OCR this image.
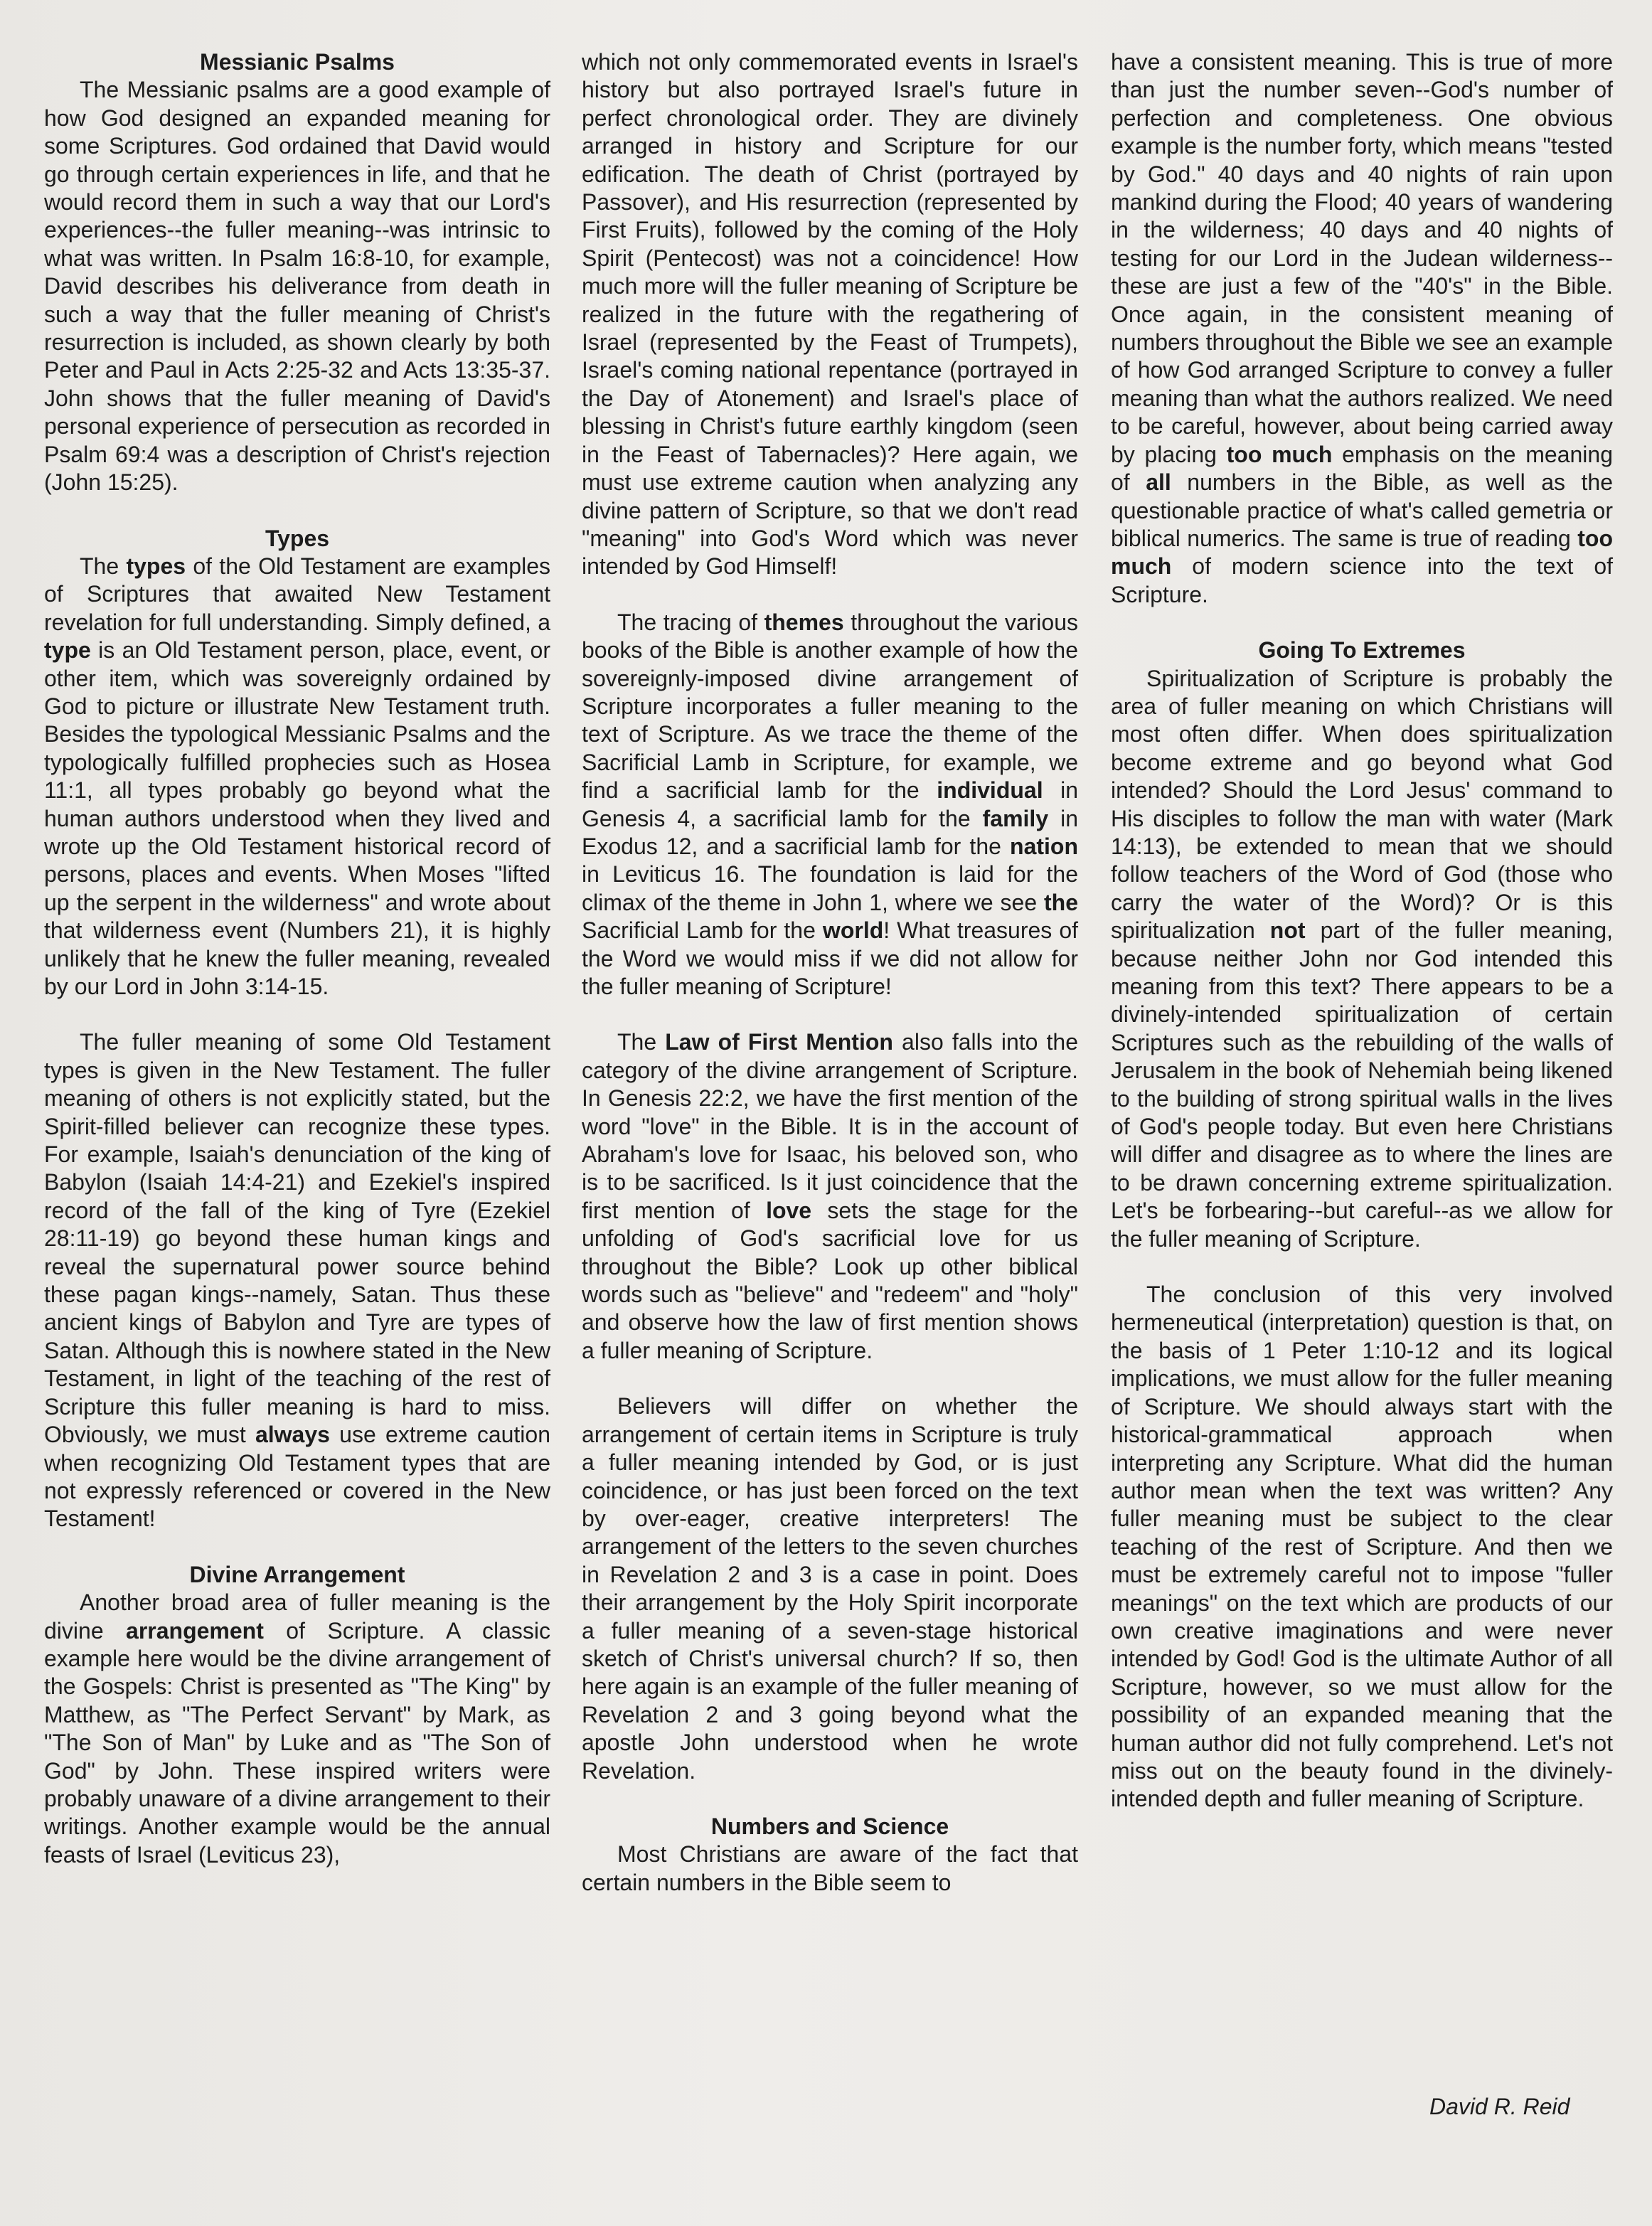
Messianic Psalms

The Messianic psalms are a good example of how God designed an expanded meaning for some Scriptures. God ordained that David would go through certain experiences in life, and that he would record them in such a way that our Lord's experiences--the fuller meaning--was intrinsic to what was written. In Psalm 16:8-10, for example, David describes his deliverance from death in such a way that the fuller meaning of Christ's resurrection is included, as shown clearly by both Peter and Paul in Acts 2:25-32 and Acts 13:35-37. John shows that the fuller meaning of David's personal experience of persecution as recorded in Psalm 69:4 was a description of Christ's rejection (John 15:25).

Types

The types of the Old Testament are examples of Scriptures that awaited New Testament revelation for full understanding. Simply defined, a type is an Old Testament person, place, event, or other item, which was sovereignly ordained by God to picture or illustrate New Testament truth. Besides the typological Messianic Psalms and the typologically fulfilled prophecies such as Hosea 11:1, all types probably go beyond what the human authors understood when they lived and wrote up the Old Testament historical record of persons, places and events. When Moses "lifted up the serpent in the wilderness" and wrote about that wilderness event (Numbers 21), it is highly unlikely that he knew the fuller meaning, revealed by our Lord in John 3:14-15.

The fuller meaning of some Old Testament types is given in the New Testament. The fuller meaning of others is not explicitly stated, but the Spirit-filled believer can recognize these types. For example, Isaiah's denunciation of the king of Babylon (Isaiah 14:4-21) and Ezekiel's inspired record of the fall of the king of Tyre (Ezekiel 28:11-19) go beyond these human kings and reveal the supernatural power source behind these pagan kings--namely, Satan. Thus these ancient kings of Babylon and Tyre are types of Satan. Although this is nowhere stated in the New Testament, in light of the teaching of the rest of Scripture this fuller meaning is hard to miss. Obviously, we must always use extreme caution when recognizing Old Testament types that are not expressly referenced or covered in the New Testament!

Divine Arrangement

Another broad area of fuller meaning is the divine arrangement of Scripture. A classic example here would be the divine arrangement of the Gospels: Christ is presented as "The King" by Matthew, as "The Perfect Servant" by Mark, as "The Son of Man" by Luke and as "The Son of God" by John. These inspired writers were probably unaware of a divine arrangement to their writings. Another example would be the annual feasts of Israel (Leviticus 23),

which not only commemorated events in Israel's history but also portrayed Israel's future in perfect chronological order. They are divinely arranged in history and Scripture for our edification. The death of Christ (portrayed by Passover), and His resurrection (represented by First Fruits), followed by the coming of the Holy Spirit (Pentecost) was not a coincidence! How much more will the fuller meaning of Scripture be realized in the future with the regathering of Israel (represented by the Feast of Trumpets), Israel's coming national repentance (portrayed in the Day of Atonement) and Israel's place of blessing in Christ's future earthly kingdom (seen in the Feast of Tabernacles)? Here again, we must use extreme caution when analyzing any divine pattern of Scripture, so that we don't read "meaning" into God's Word which was never intended by God Himself!

The tracing of themes throughout the various books of the Bible is another example of how the sovereignly-imposed divine arrangement of Scripture incorporates a fuller meaning to the text of Scripture. As we trace the theme of the Sacrificial Lamb in Scripture, for example, we find a sacrificial lamb for the individual in Genesis 4, a sacrificial lamb for the family in Exodus 12, and a sacrificial lamb for the nation in Leviticus 16. The foundation is laid for the climax of the theme in John 1, where we see the Sacrificial Lamb for the world! What treasures of the Word we would miss if we did not allow for the fuller meaning of Scripture!

The Law of First Mention also falls into the category of the divine arrangement of Scripture. In Genesis 22:2, we have the first mention of the word "love" in the Bible. It is in the account of Abraham's love for Isaac, his beloved son, who is to be sacrificed. Is it just coincidence that the first mention of love sets the stage for the unfolding of God's sacrificial love for us throughout the Bible? Look up other biblical words such as "believe" and "redeem" and "holy" and observe how the law of first mention shows a fuller meaning of Scripture.

Believers will differ on whether the arrangement of certain items in Scripture is truly a fuller meaning intended by God, or is just coincidence, or has just been forced on the text by over-eager, creative interpreters! The arrangement of the letters to the seven churches in Revelation 2 and 3 is a case in point. Does their arrangement by the Holy Spirit incorporate a fuller meaning of a seven-stage historical sketch of Christ's universal church? If so, then here again is an example of the fuller meaning of Revelation 2 and 3 going beyond what the apostle John understood when he wrote Revelation.

Numbers and Science

Most Christians are aware of the fact that certain numbers in the Bible seem to

have a consistent meaning. This is true of more than just the number seven--God's number of perfection and completeness. One obvious example is the number forty, which means "tested by God." 40 days and 40 nights of rain upon mankind during the Flood; 40 years of wandering in the wilderness; 40 days and 40 nights of testing for our Lord in the Judean wilderness--these are just a few of the "40's" in the Bible. Once again, in the consistent meaning of numbers throughout the Bible we see an example of how God arranged Scripture to convey a fuller meaning than what the authors realized. We need to be careful, however, about being carried away by placing too much emphasis on the meaning of all numbers in the Bible, as well as the questionable practice of what's called gemetria or biblical numerics. The same is true of reading too much of modern science into the text of Scripture.

Going To Extremes

Spiritualization of Scripture is probably the area of fuller meaning on which Christians will most often differ. When does spiritualization become extreme and go beyond what God intended? Should the Lord Jesus' command to His disciples to follow the man with water (Mark 14:13), be extended to mean that we should follow teachers of the Word of God (those who carry the water of the Word)? Or is this spiritualization not part of the fuller meaning, because neither John nor God intended this meaning from this text? There appears to be a divinely-intended spiritualization of certain Scriptures such as the rebuilding of the walls of Jerusalem in the book of Nehemiah being likened to the building of strong spiritual walls in the lives of God's people today. But even here Christians will differ and disagree as to where the lines are to be drawn concerning extreme spiritualization. Let's be forbearing--but careful--as we allow for the fuller meaning of Scripture.

The conclusion of this very involved hermeneutical (interpretation) question is that, on the basis of 1 Peter 1:10-12 and its logical implications, we must allow for the fuller meaning of Scripture. We should always start with the historical-grammatical approach when interpreting any Scripture. What did the human author mean when the text was written? Any fuller meaning must be subject to the clear teaching of the rest of Scripture. And then we must be extremely careful not to impose "fuller meanings" on the text which are products of our own creative imaginations and were never intended by God! God is the ultimate Author of all Scripture, however, so we must allow for the possibility of an expanded meaning that the human author did not fully comprehend. Let's not miss out on the beauty found in the divinely-intended depth and fuller meaning of Scripture.

David R. Reid
